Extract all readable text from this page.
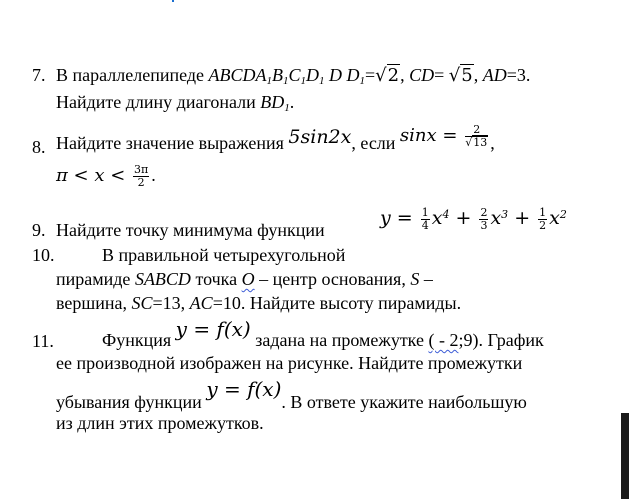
7. В параллелепипеде $ABCDA_1B_1C_1D_1$ D $D_1=√2$, CD= √5, AD=3.
Найдите длину диагонали $BD_1$.
8. Найдите значение выражения 5sin2x, если $\sin x = \frac{2}{√13}$ ,
$\pi < x < \frac{3\pi}{2}$ .
9. Найдите точку минимума функции
$y = \frac{1}{4} x^4 + \frac{2}{3} x^3 + \frac{1}{2} x^2$
10.	В правильной четырехугольной
пирамиде SABCD точка O – центр основания, S –
вершина, SC=13, AC=10. Найдите высоту пирамиды.
11.	Функция y = f(x) задана на промежутке ( - 2;9). График
ее производной изображен на рисунке. Найдите промежутки
убывания функции y = f(x). В ответе укажите наибольшую
из длин этих промежутков.
